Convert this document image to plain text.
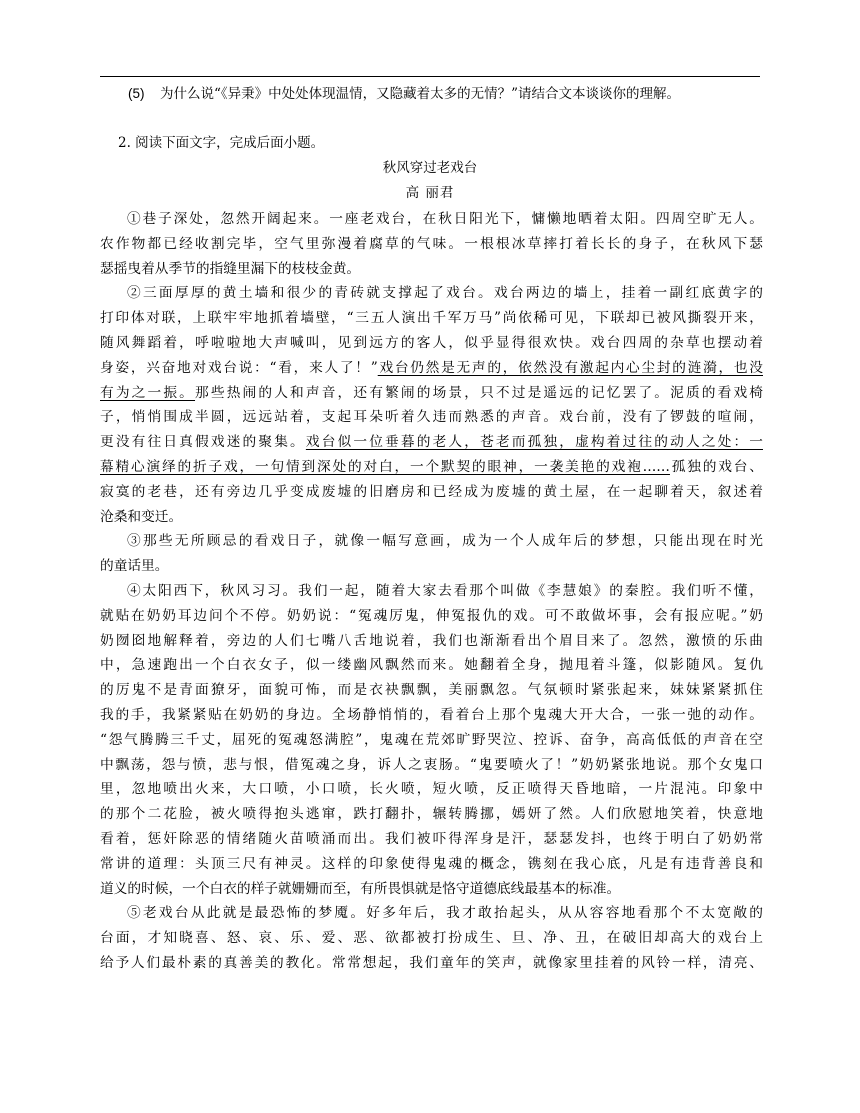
(5) 为什么说“《异秉》中处处体现温情，又隐藏着太多的无情？”请结合文本谈谈你的理解。
2. 阅读下面文字，完成后面小题。
秋风穿过老戏台
高 丽君
①巷子深处，忽然开阔起来。一座老戏台，在秋日阳光下，慵懒地晒着太阳。四周空旷无人。
农作物都已经收割完毕，空气里弥漫着腐草的气味。一根根冰草摔打着长长的身子，在秋风下瑟
瑟摇曳着从季节的指缝里漏下的枝枝金黄。
②三面厚厚的黄土墙和很少的青砖就支撑起了戏台。戏台两边的墙上，挂着一副红底黄字的
打印体对联，上联牢牢地抓着墙壁，“三五人演出千军万马”尚依稀可见，下联却已被风撕裂开来，
随风舞蹈着，呼啦啦地大声喊叫，见到远方的客人，似乎显得很欢快。戏台四周的杂草也摆动着
身姿，兴奋地对戏台说：“看，来人了！”戏台仍然是无声的，依然没有激起内心尘封的涟漪，也没
有为之一振。那些热闹的人和声音，还有繁闹的场景，只不过是遥远的记忆罢了。泥质的看戏椅
子，悄悄围成半圆，远远站着，支起耳朵听着久违而熟悉的声音。戏台前，没有了锣鼓的喧闹，
更没有往日真假戏迷的聚集。戏台似一位垂暮的老人，苍老而孤独，虚构着过往的动人之处：一
幕精心演绎的折子戏，一句情到深处的对白，一个默契的眼神，一袭美艳的戏袍……孤独的戏台、
寂寞的老巷，还有旁边几乎变成废墟的旧磨房和已经成为废墟的黄土屋，在一起聊着天，叙述着
沧桑和变迁。
③那些无所顾忌的看戏日子，就像一幅写意画，成为一个人成年后的梦想，只能出现在时光
的童话里。
④太阳西下，秋风习习。我们一起，随着大家去看那个叫做《李慧娘》的秦腔。我们听不懂，
就贴在奶奶耳边问个不停。奶奶说：“冤魂厉鬼，伸冤报仇的戏。可不敢做坏事，会有报应呢。”奶
奶囫囵地解释着，旁边的人们七嘴八舌地说着，我们也渐渐看出个眉目来了。忽然，激愤的乐曲
中，急速跑出一个白衣女子，似一缕幽风飘然而来。她翻着全身，抛甩着斗篷，似影随风。复仇
的厉鬼不是青面獠牙，面貌可怖，而是衣袂飘飘，美丽飘忽。气氛顿时紧张起来，妹妹紧紧抓住
我的手，我紧紧贴在奶奶的身边。全场静悄悄的，看着台上那个鬼魂大开大合，一张一弛的动作。
“怨气腾腾三千丈，屈死的冤魂怒满腔”，鬼魂在荒郊旷野哭泣、控诉、奋争，高高低低的声音在空
中飘荡，怨与愤，悲与恨，借冤魂之身，诉人之衷肠。“鬼要喷火了！”奶奶紧张地说。那个女鬼口
里，忽地喷出火来，大口喷，小口喷，长火喷，短火喷，反正喷得天昏地暗，一片混沌。印象中
的那个二花脸，被火喷得抱头逃窜，跌打翻扑，辗转腾挪，嫣妍了然。人们欣慰地笑着，快意地
看着，惩奸除恶的情绪随火苗喷涌而出。我们被吓得浑身是汗，瑟瑟发抖，也终于明白了奶奶常
常讲的道理：头顶三尺有神灵。这样的印象使得鬼魂的概念，镌刻在我心底，凡是有违背善良和
道义的时候，一个白衣的样子就姗姗而至，有所畏惧就是恪守道德底线最基本的标准。
⑤老戏台从此就是最恐怖的梦魇。好多年后，我才敢抬起头，从从容容地看那个不太宽敞的
台面，才知晓喜、怒、哀、乐、爱、恶、欲都被打扮成生、旦、净、丑，在破旧却高大的戏台上
给予人们最朴素的真善美的教化。常常想起，我们童年的笑声，就像家里挂着的风铃一样，清亮、
